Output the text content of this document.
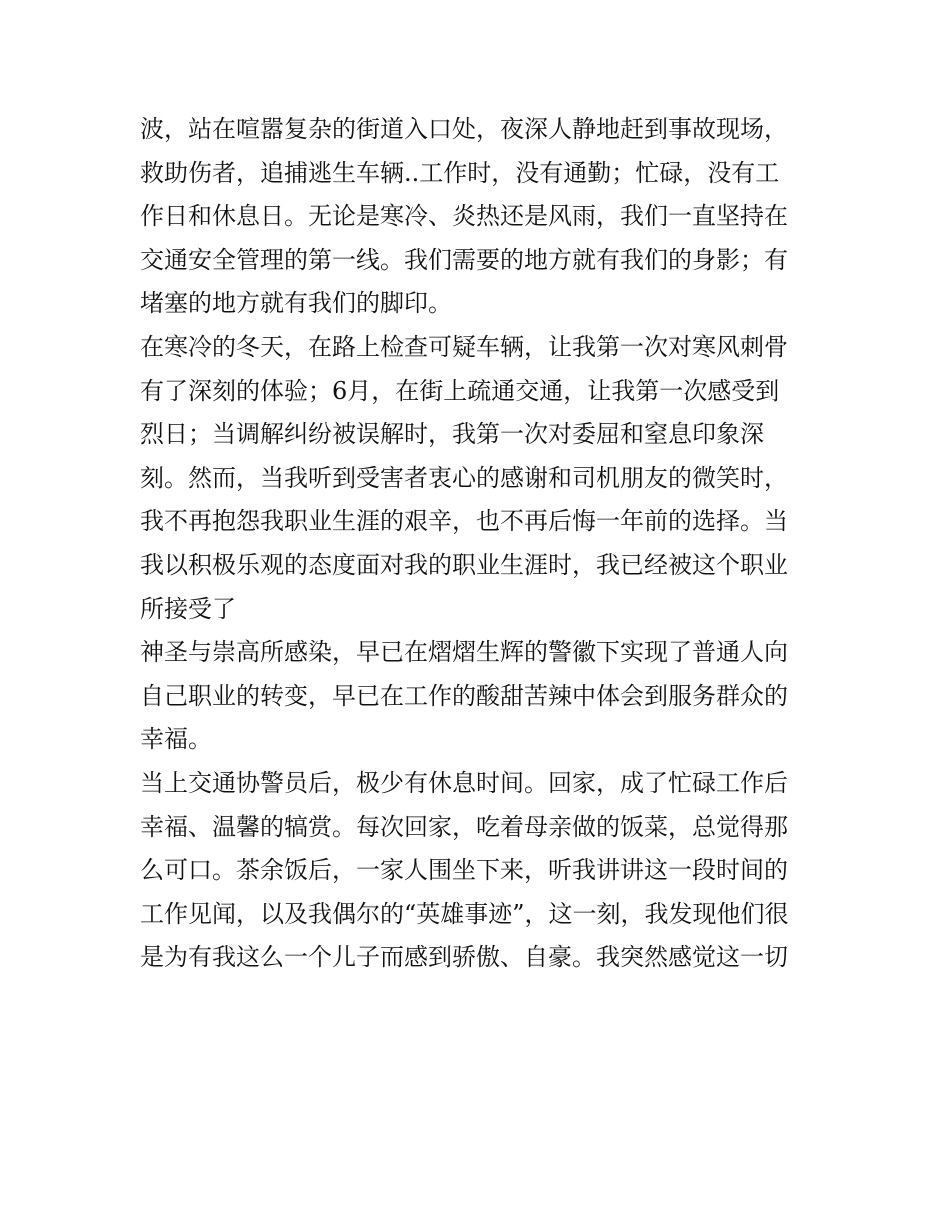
波，站在喧嚣复杂的街道入口处，夜深人静地赶到事故现场，
救助伤者，追捕逃生车辆..工作时，没有通勤；忙碌，没有工
作日和休息日。无论是寒冷、炎热还是风雨，我们一直坚持在
交通安全管理的第一线。我们需要的地方就有我们的身影；有
堵塞的地方就有我们的脚印。
在寒冷的冬天，在路上检查可疑车辆，让我第一次对寒风刺骨
有了深刻的体验；6月，在街上疏通交通，让我第一次感受到
烈日；当调解纠纷被误解时，我第一次对委屈和窒息印象深
刻。然而，当我听到受害者衷心的感谢和司机朋友的微笑时，
我不再抱怨我职业生涯的艰辛，也不再后悔一年前的选择。当
我以积极乐观的态度面对我的职业生涯时，我已经被这个职业
所接受了
神圣与崇高所感染，早已在熠熠生辉的警徽下实现了普通人向
自己职业的转变，早已在工作的酸甜苦辣中体会到服务群众的
幸福。
当上交通协警员后，极少有休息时间。回家，成了忙碌工作后
幸福、温馨的犒赏。每次回家，吃着母亲做的饭菜，总觉得那
么可口。茶余饭后，一家人围坐下来，听我讲讲这一段时间的
工作见闻，以及我偶尔的“英雄事迹”，这一刻，我发现他们很
是为有我这么一个儿子而感到骄傲、自豪。我突然感觉这一切
